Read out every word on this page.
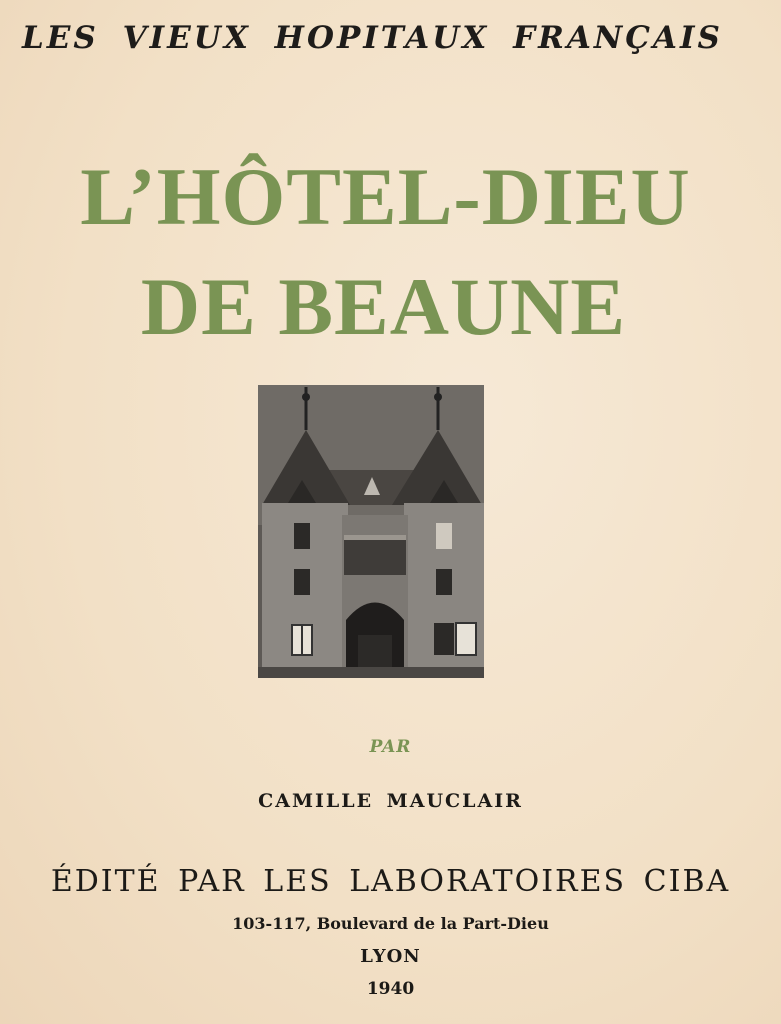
LES VIEUX HOPITAUX FRANÇAIS
L’HÔTEL-DIEU
DE BEAUNE
PAR
CAMILLE MAUCLAIR
ÉDITÉ PAR LES LABORATOIRES CIBA
103-117, Boulevard de la Part-Dieu
LYON
1940
